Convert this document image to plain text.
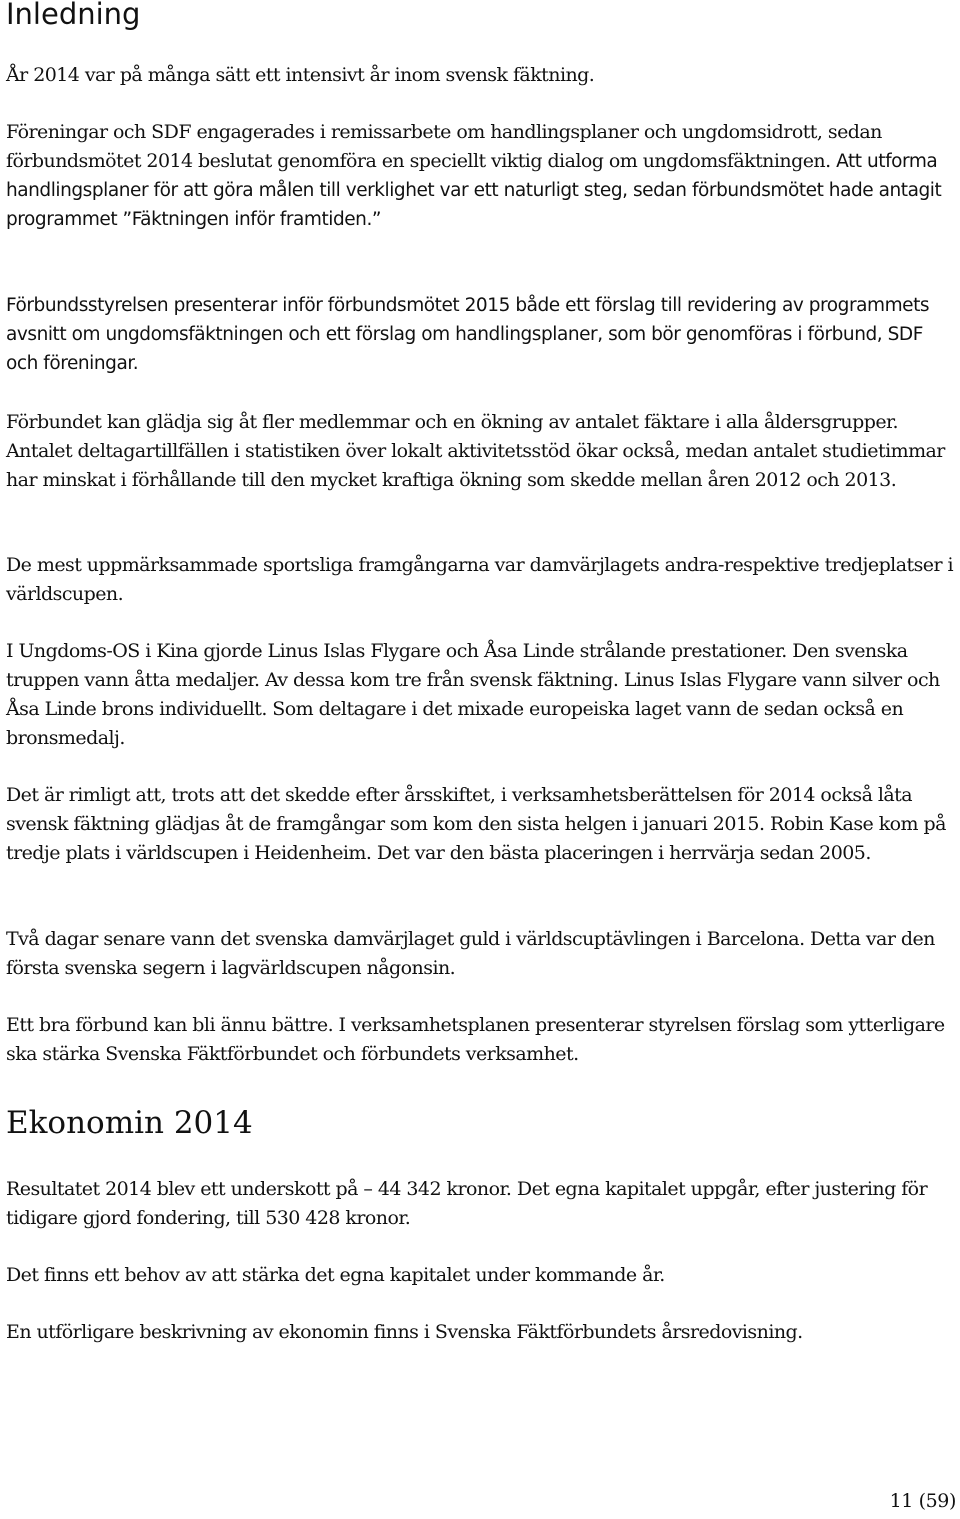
Inledning

År 2014 var på många sätt ett intensivt år inom svensk fäktning.

Föreningar och SDF engagerades i remissarbete om handlingsplaner och ungdomsidrott, sedan förbundsmötet 2014 beslutat genomföra en speciellt viktig dialog om ungdomsfäktningen. Att utforma handlingsplaner för att göra målen till verklighet var ett naturligt steg, sedan förbundsmötet hade antagit programmet ”Fäktningen inför framtiden.”

Förbundsstyrelsen presenterar inför förbundsmötet 2015 både ett förslag till revidering av programmets avsnitt om ungdomsfäktningen och ett förslag om handlingsplaner, som bör genomföras i förbund, SDF och föreningar.

Förbundet kan glädja sig åt fler medlemmar och en ökning av antalet fäktare i alla åldersgrupper. Antalet deltagartillfällen i statistiken över lokalt aktivitetsstöd ökar också, medan antalet studietimmar har minskat i förhållande till den mycket kraftiga ökning som skedde mellan åren 2012 och 2013.

De mest uppmärksammade sportsliga framgångarna var damvärjlagets andra-respektive tredjeplatser i världscupen.

I Ungdoms-OS i Kina gjorde Linus Islas Flygare och Åsa Linde strålande prestationer. Den svenska truppen vann åtta medaljer. Av dessa kom tre från svensk fäktning. Linus Islas Flygare vann silver och Åsa Linde brons individuellt. Som deltagare i det mixade europeiska laget vann de sedan också en bronsmedalj.

Det är rimligt att, trots att det skedde efter årsskiftet, i verksamhetsberättelsen för 2014 också låta svensk fäktning glädjas åt de framgångar som kom den sista helgen i januari 2015. Robin Kase kom på tredje plats i världscupen i Heidenheim. Det var den bästa placeringen i herrvärja sedan 2005.

Två dagar senare vann det svenska damvärjlaget guld i världscuptävlingen i Barcelona. Detta var den första svenska segern i lagvärldscupen någonsin.

Ett bra förbund kan bli ännu bättre. I verksamhetsplanen presenterar styrelsen förslag som ytterligare ska stärka Svenska Fäktförbundet och förbundets verksamhet.

Ekonomin 2014

Resultatet 2014 blev ett underskott på – 44 342 kronor. Det egna kapitalet uppgår, efter justering för tidigare gjord fondering, till 530 428 kronor.

Det finns ett behov av att stärka det egna kapitalet under kommande år.

En utförligare beskrivning av ekonomin finns i Svenska Fäktförbundets årsredovisning.

11 (59)
